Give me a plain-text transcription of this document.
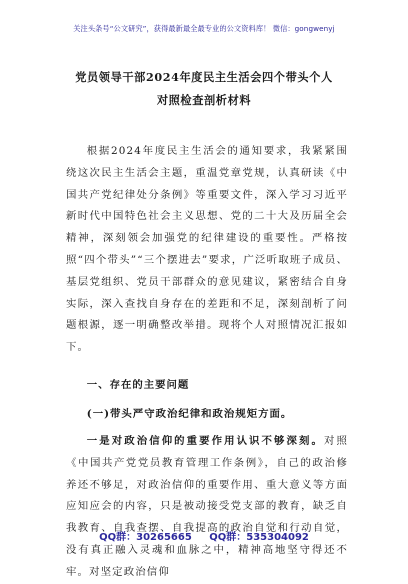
关注头条号“公文研究”，获得最新最全最专业的公文资料库！ 微信：gongwenyj
党员领导干部2024年度民主生活会四个带头个人对照检查剖析材料

根据2024年度民主生活会的通知要求，我紧紧围绕这次民主生活会主题，重温党章党规，认真研读《中国共产党纪律处分条例》等重要文件，深入学习习近平新时代中国特色社会主义思想、党的二十大及历届全会精神，深刻领会加强党的纪律建设的重要性。严格按照“四个带头”“三个摆进去”要求，广泛听取班子成员、基层党组织、党员干部群众的意见建议，紧密结合自身实际，深入查找自身存在的差距和不足，深刻剖析了问题根源，逐一明确整改举措。现将个人对照情况汇报如下。

一、存在的主要问题

(一)带头严守政治纪律和政治规矩方面。

一是对政治信仰的重要作用认识不够深刻。对照《中国共产党党员教育管理工作条例》，自己的政治修养还不够足，对政治信仰的重要作用、重大意义等方面应知应会的内容，只是被动接受党支部的教育，缺乏自我教育、自我查摆、自我提高的政治自觉和行动自觉，没有真正融入灵魂和血脉之中，精神高地坚守得还不牢。对坚定政治信仰

QQ群：30265665 QQ群：535304092
